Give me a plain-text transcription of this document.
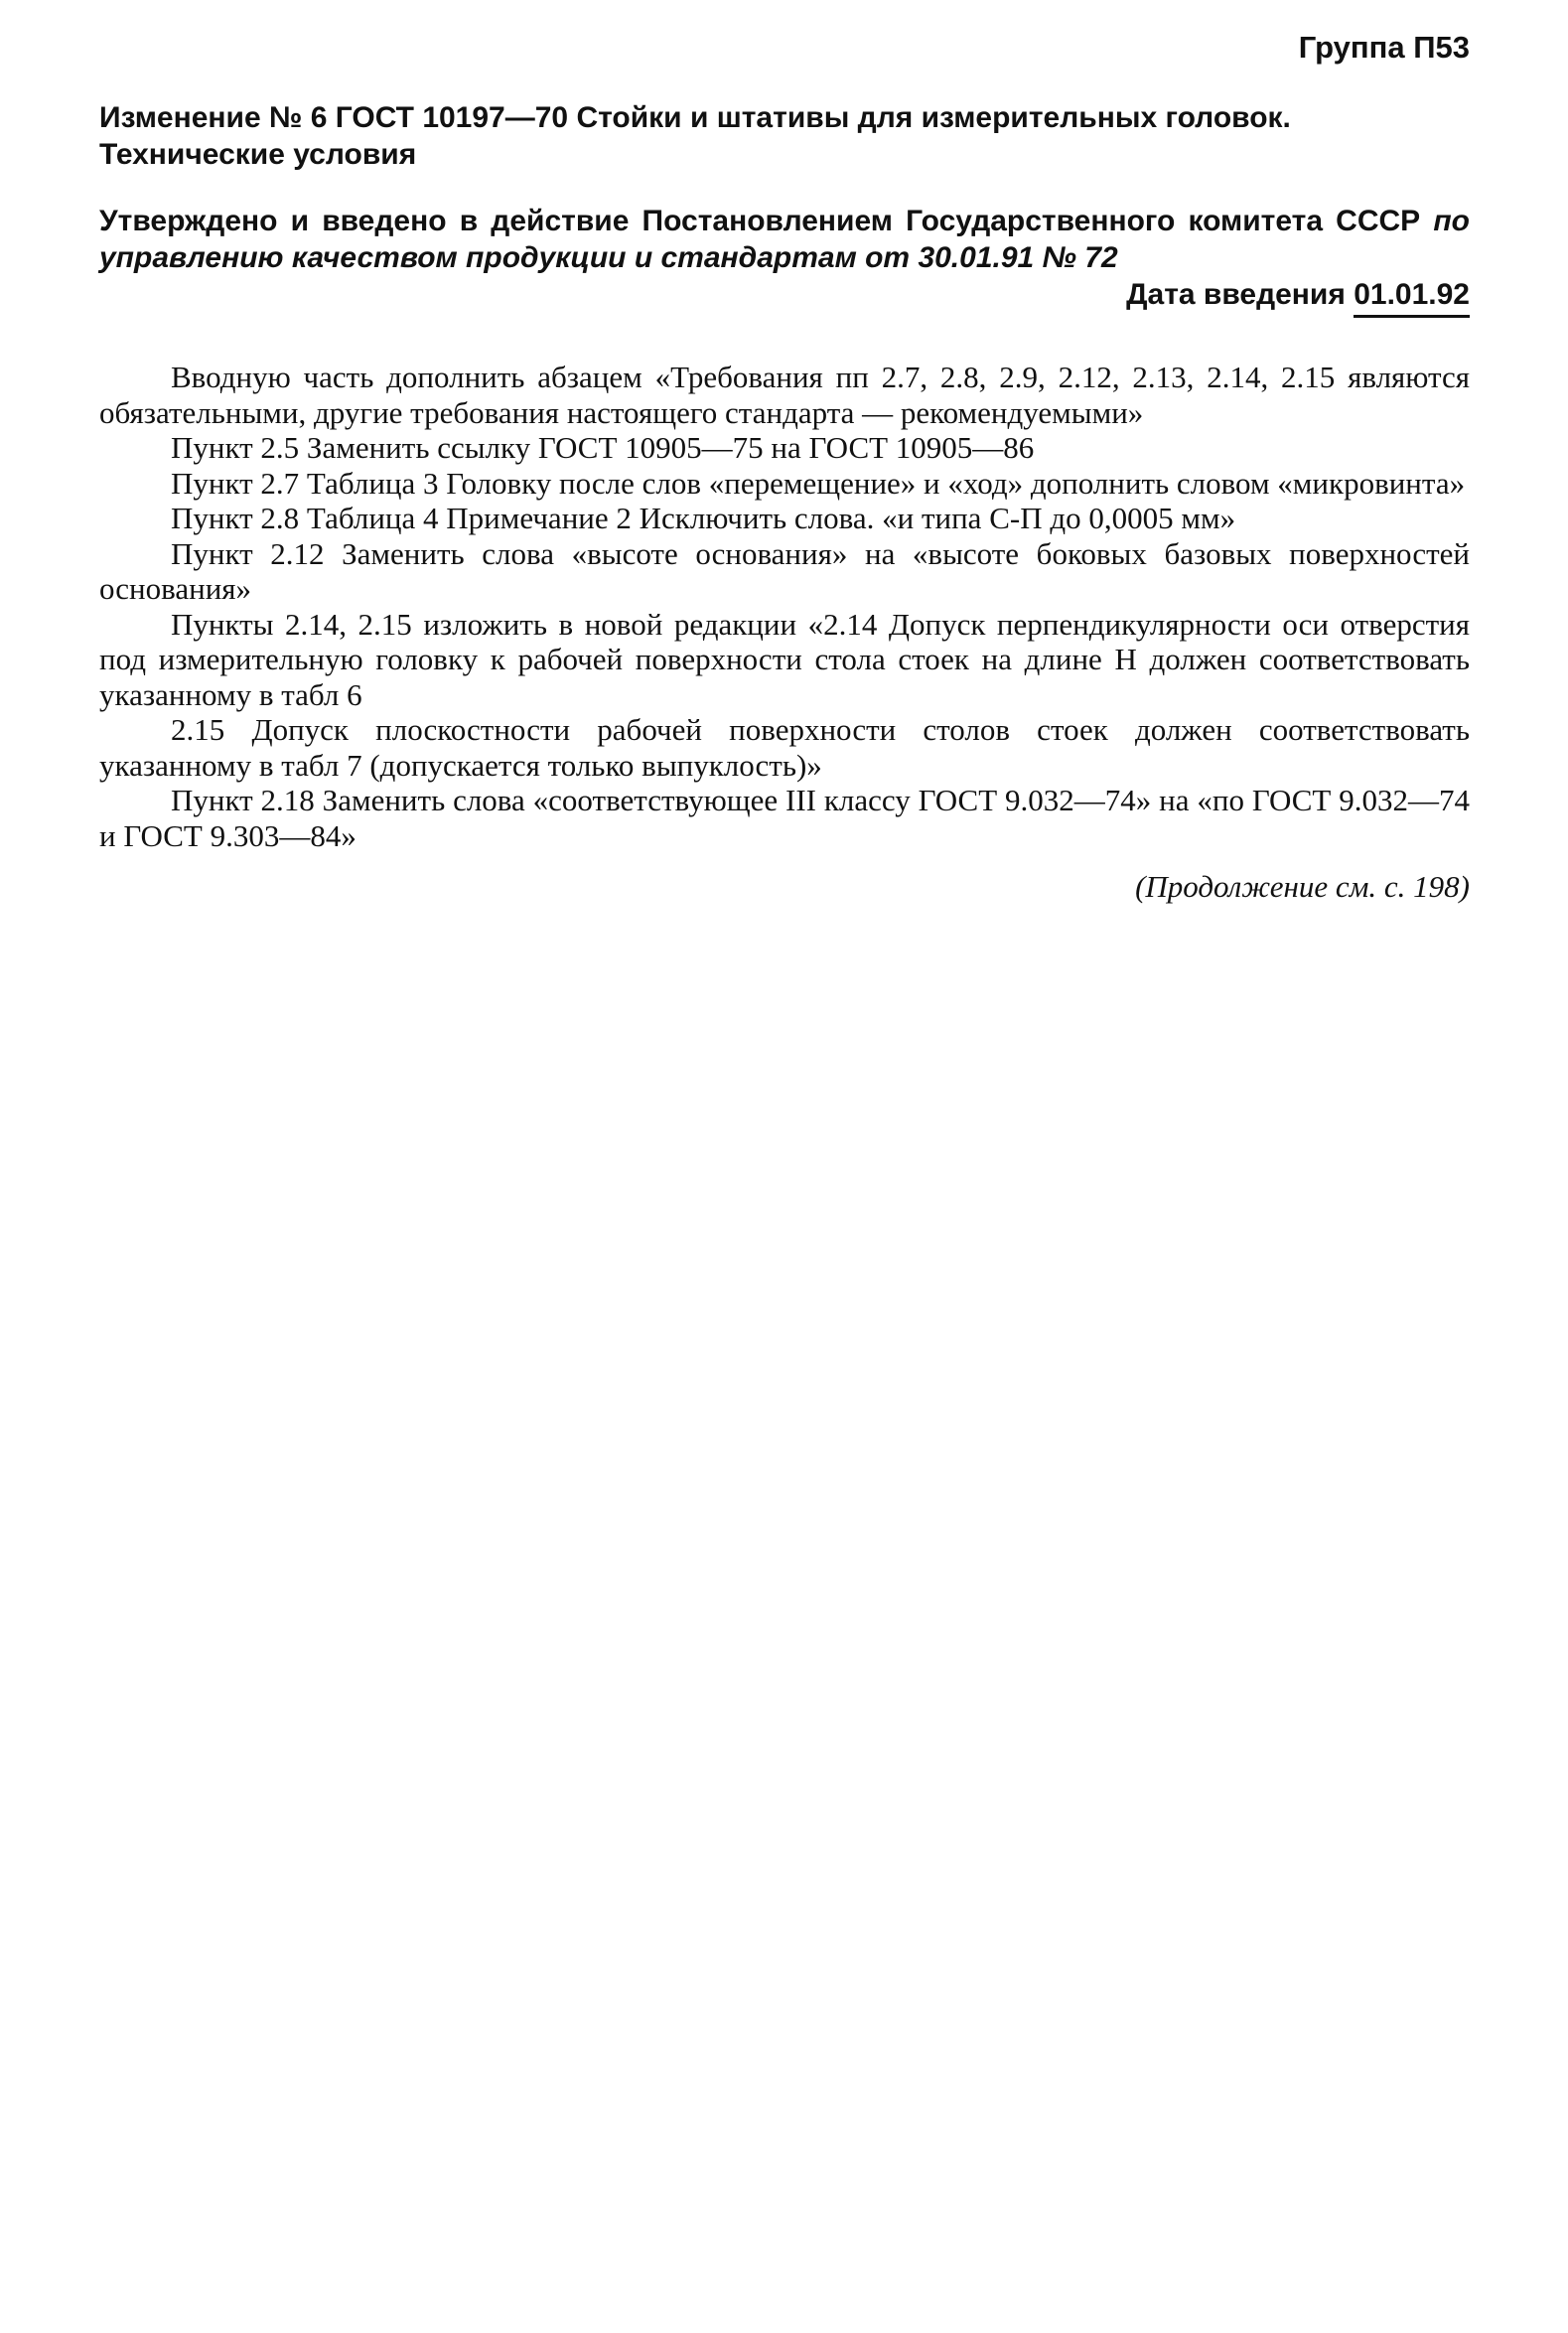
Группа П53
Изменение № 6 ГОСТ 10197—70 Стойки и штативы для измерительных головок.
Технические условия

Утверждено и введено в действие Постановлением Государственного комитета СССР по управлению качеством продукции и стандартам от 30.01.91 № 72

Дата введения 01.01.92

Вводную часть дополнить абзацем «Требования пп 2.7, 2.8, 2.9, 2.12, 2.13, 2.14, 2.15 являются обязательными, другие требования настоящего стандарта — рекомендуемыми»

Пункт 2.5 Заменить ссылку ГОСТ 10905—75 на ГОСТ 10905—86

Пункт 2.7 Таблица 3 Головку после слов «перемещение» и «ход» дополнить словом «микровинта»

Пункт 2.8 Таблица 4 Примечание 2 Исключить слова. «и типа С-П до 0,0005 мм»

Пункт 2.12 Заменить слова «высоте основания» на «высоте боковых базовых поверхностей основания»

Пункты 2.14, 2.15 изложить в новой редакции «2.14 Допуск перпендикулярности оси отверстия под измерительную головку к рабочей поверхности стола стоек на длине H должен соответствовать указанному в табл 6

2.15 Допуск плоскостности рабочей поверхности столов стоек должен соответствовать указанному в табл 7 (допускается только выпуклость)»

Пункт 2.18 Заменить слова «соответствующее III классу ГОСТ 9.032—74» на «по ГОСТ 9.032—74 и ГОСТ 9.303—84»

(Продолжение см. с. 198)
